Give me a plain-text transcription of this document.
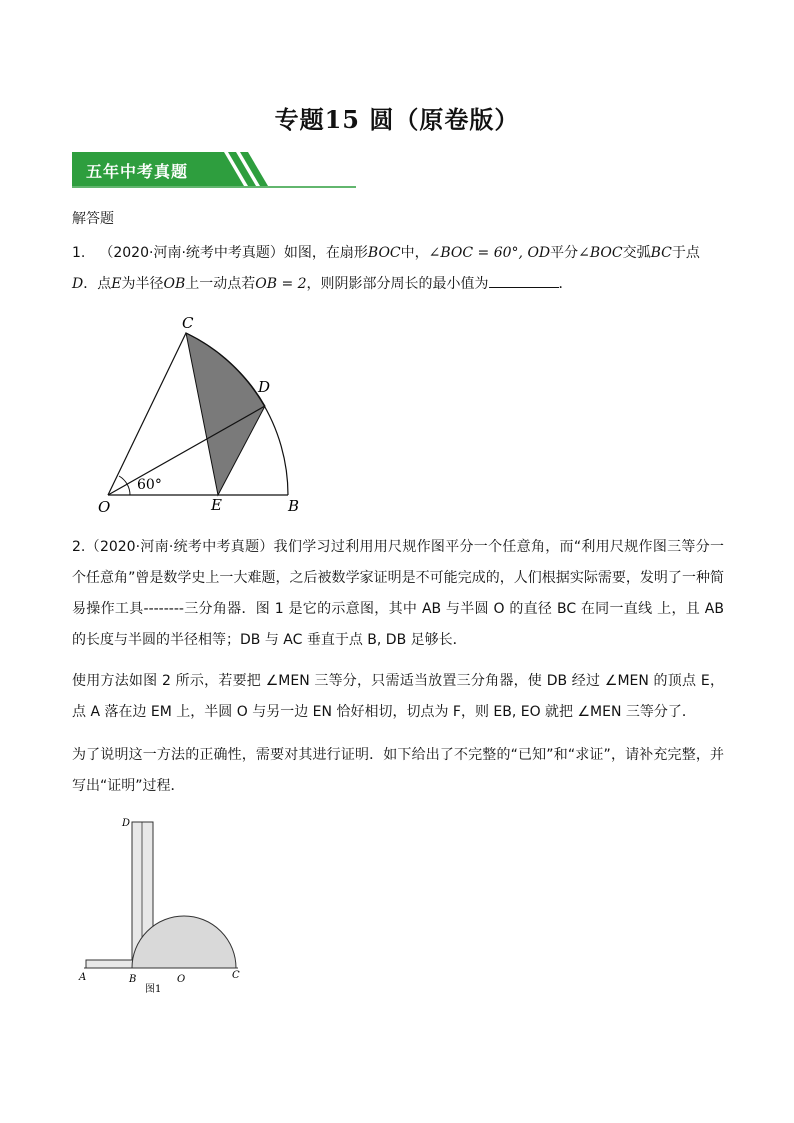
专题15 圆（原卷版）
五年中考真题
解答题
1. （2020·河南·统考中考真题）如图，在扇形BOC中，∠BOC = 60°, OD平分∠BOC交弧BC于点
D．点E为半径OB上一动点若OB = 2，则阴影部分周长的最小值为	．
C
D
O	E	B
60°
2.（2020·河南·统考中考真题）我们学习过利用用尺规作图平分一个任意角，而“利用尺规作图三等分一个任意角”曾是数学史上一大难题，之后被数学家证明是不可能完成的，人们根据实际需要，发明了一种简易操作工具--------三分角器．图 1 是它的示意图，其中 AB 与半圆 O 的直径 BC 在同一直线 上，且 AB 的长度与半圆的半径相等；DB 与 AC 垂直于点 B, DB 足够长．
使用方法如图 2 所示，若要把 ∠MEN 三等分，只需适当放置三分角器，使 DB 经过 ∠MEN 的顶点 E，点 A 落在边 EM 上，半圆 O 与另一边 EN 恰好相切，切点为 F，则 EB, EO 就把 ∠MEN 三等分了．
为了说明这一方法的正确性，需要对其进行证明．如下给出了不完整的“已知”和“求证”，请补充完整，并写出“证明”过程．
D
A	B	O	C
图1
